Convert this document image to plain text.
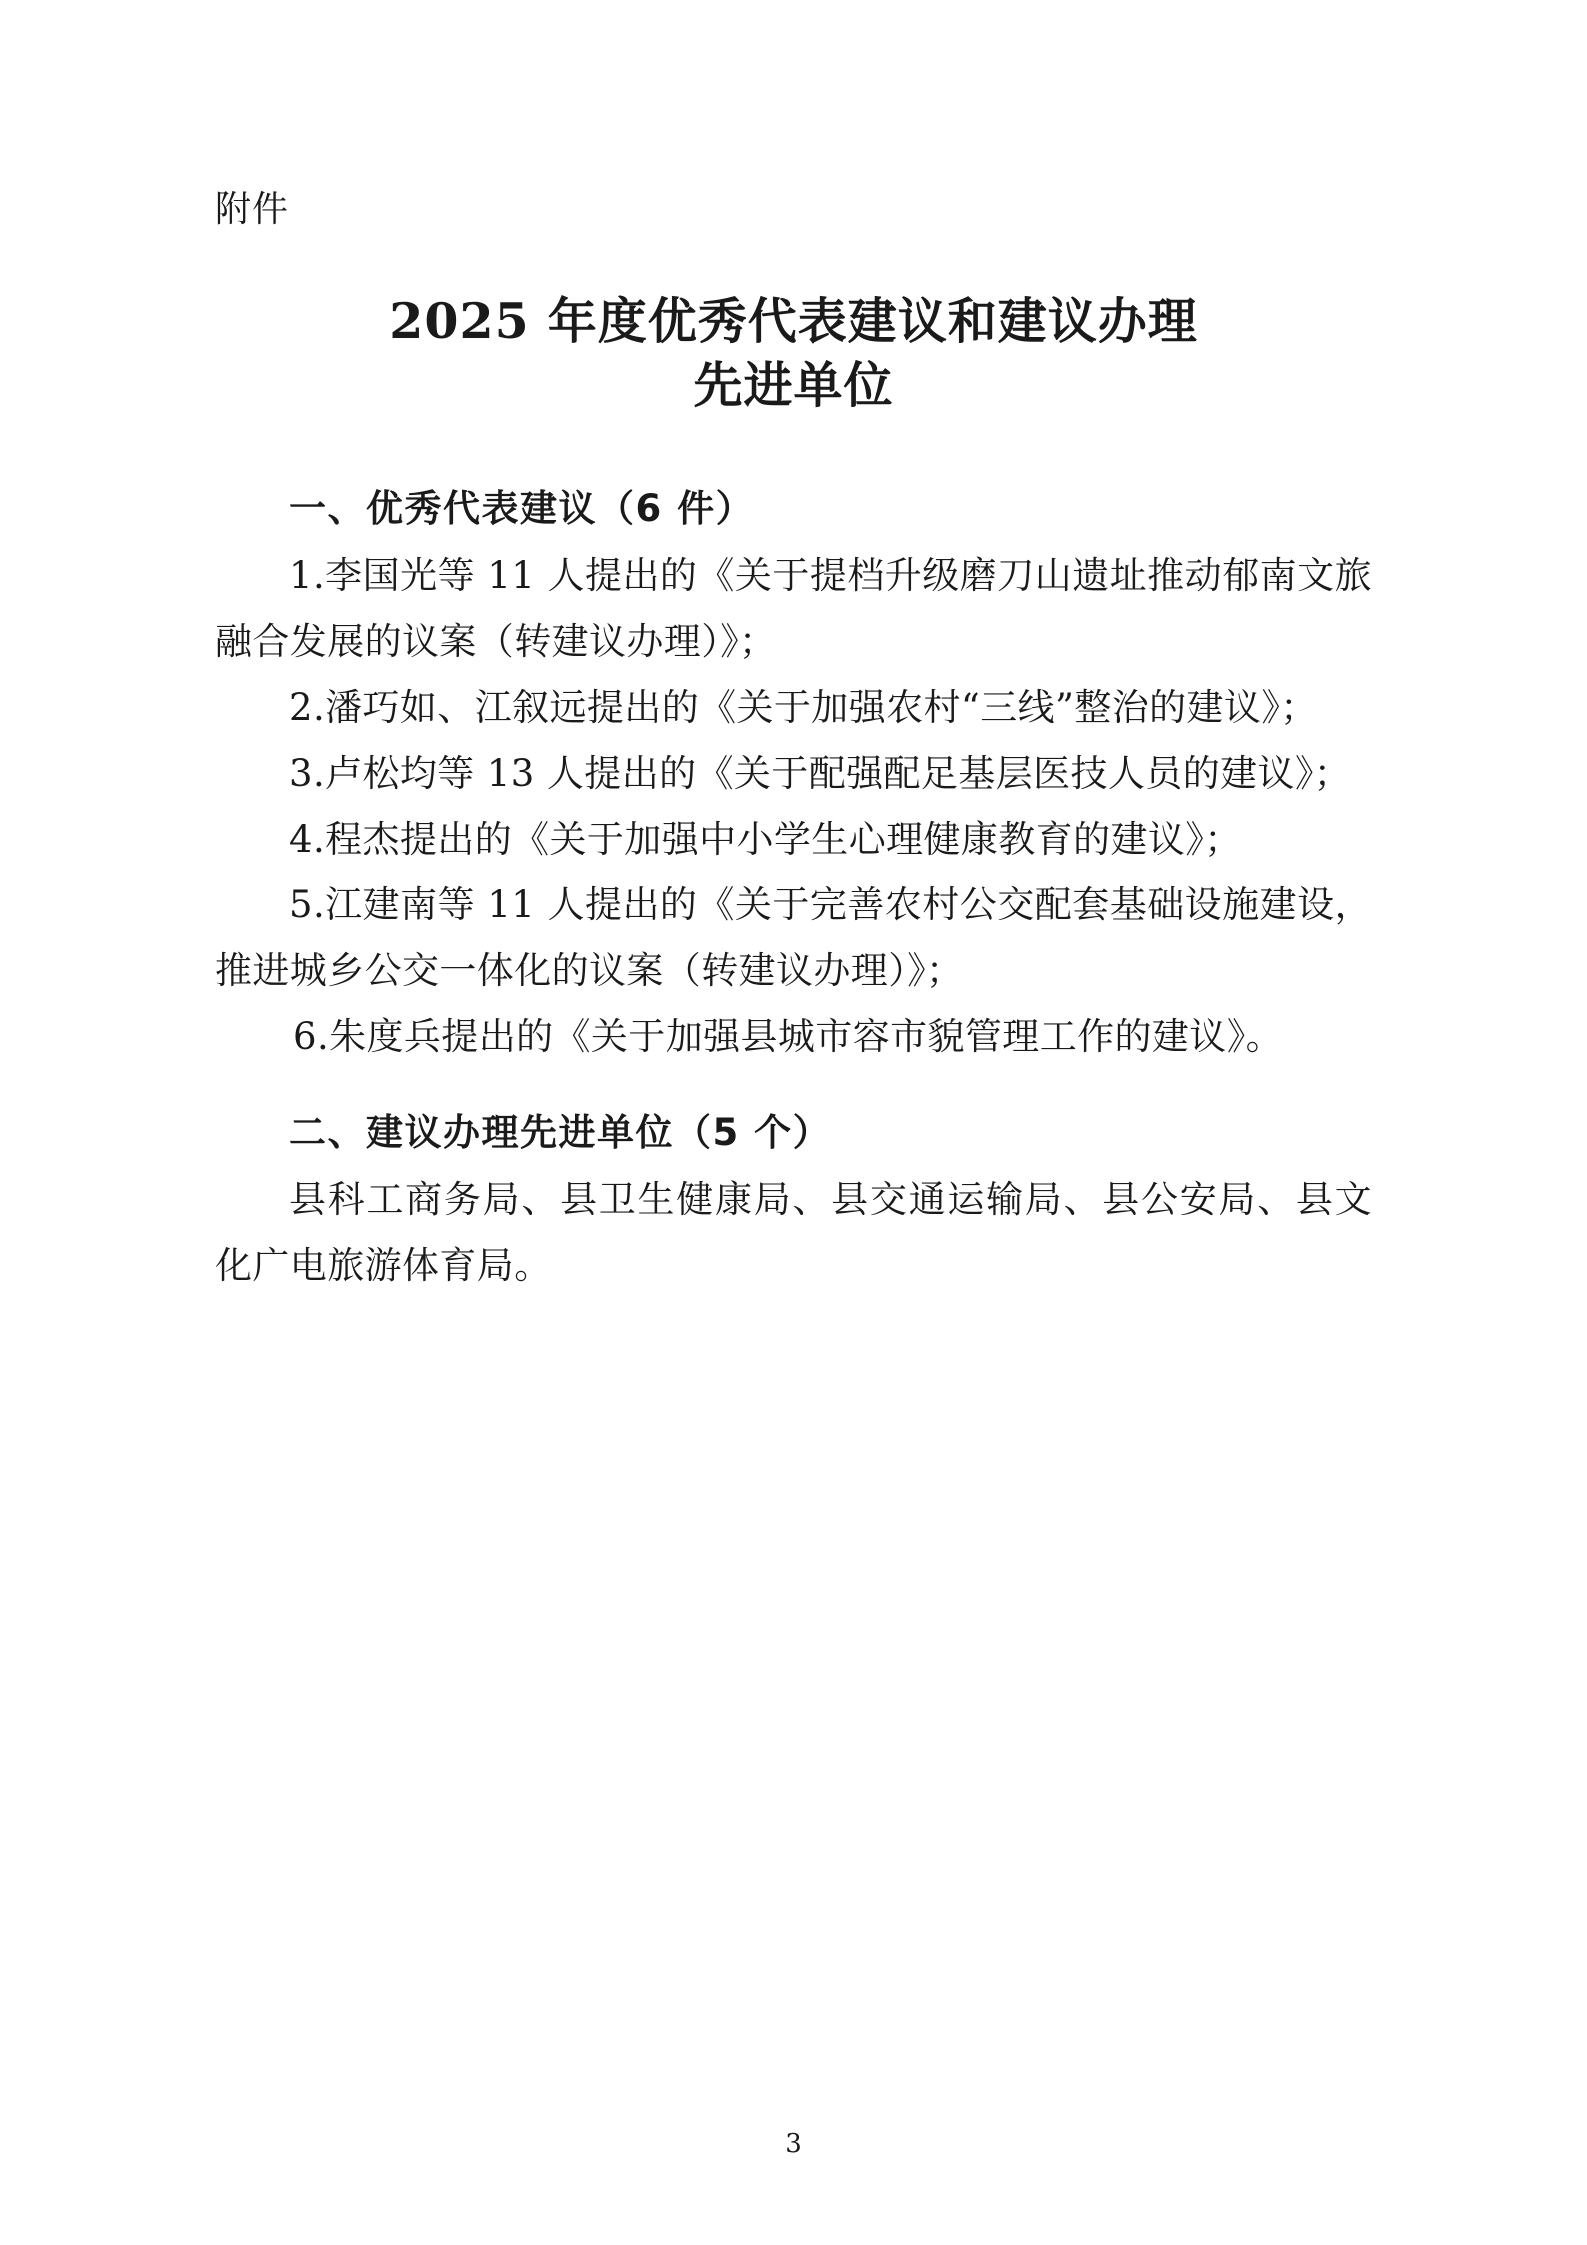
附件
2025 年度优秀代表建议和建议办理
先进单位
一、优秀代表建议（6 件）

1.李国光等 11 人提出的《关于提档升级磨刀山遗址推动郁南文旅融合发展的议案（转建议办理）》；

2.潘巧如、江叙远提出的《关于加强农村“三线”整治的建议》；

3.卢松均等 13 人提出的《关于配强配足基层医技人员的建议》；

4.程杰提出的《关于加强中小学生心理健康教育的建议》；

5.江建南等 11 人提出的《关于完善农村公交配套基础设施建设，推进城乡公交一体化的议案（转建议办理）》；

6.朱度兵提出的《关于加强县城市容市貌管理工作的建议》。

二、建议办理先进单位（5 个）

县科工商务局、县卫生健康局、县交通运输局、县公安局、县文化广电旅游体育局。

3
